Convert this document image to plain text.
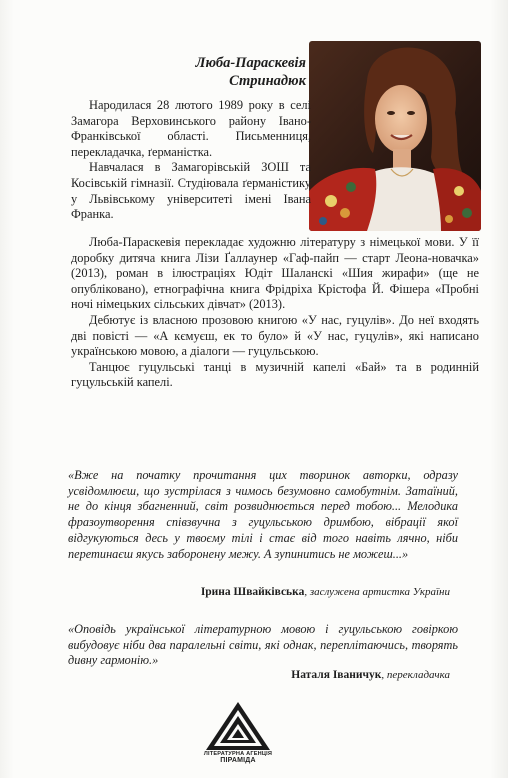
Люба-Параскевія
Стринадюк

Народилася 28 лютого 1989 року в селі Замагора Верховинського району Івано-Франківської області. Письменниця, перекладачка, ґерманістка.

Навчалася в Замагорівській ЗОШ та Косівській гімназії. Студіювала ґерманістику у Львівському університеті імені Івана Франка.

Люба-Параскевія перекладає художню літературу з німецької мови. У її доробку дитяча книга Лізи Ґаллаунер «Гаф-пайп — старт Леона-новачка» (2013), роман в ілюстраціях Юдіт Шаланскі «Шия жирафи» (ще не опубліковано), етнографічна книга Фрідріха Крістофа Й. Фішера «Пробні ночі німецьких сільських дівчат» (2013).

Дебютує із власною прозовою книгою «У нас, гуцулів». До неї входять дві повісті — «А кємуєш, ек то було» й «У нас, гуцулів», які написано українською мовою, а діалоги — гуцульською.

Танцює гуцульські танці в музичній капелі «Бай» та в родинній гуцульській капелі.

«Вже на початку прочитання цих творинок авторки, одразу усвідомлюєш, що зустрілася з чимось безумовно самобутнім. Затаїний, не до кінця збагненний, світ розвиднюється перед тобою... Мелодика фразоутворення співзвучна з гуцульською дримбою, вібрації якої відгукуються десь у твоєму тілі і стає від того навіть лячно, ніби перетинаєш якусь заборонену межу. А зупинитись не можеш...»
Ірина Швайківська, заслужена артистка України
«Оповідь української літературною мовою і гуцульською говіркою вибудовує ніби два паралельні світи, які однак, переплітаючись, творять дивну гармонію.»
Наталя Іваничук, перекладачка
ЛІТЕРАТУРНА АГЕНЦІЯ
ПІРАМІДА
